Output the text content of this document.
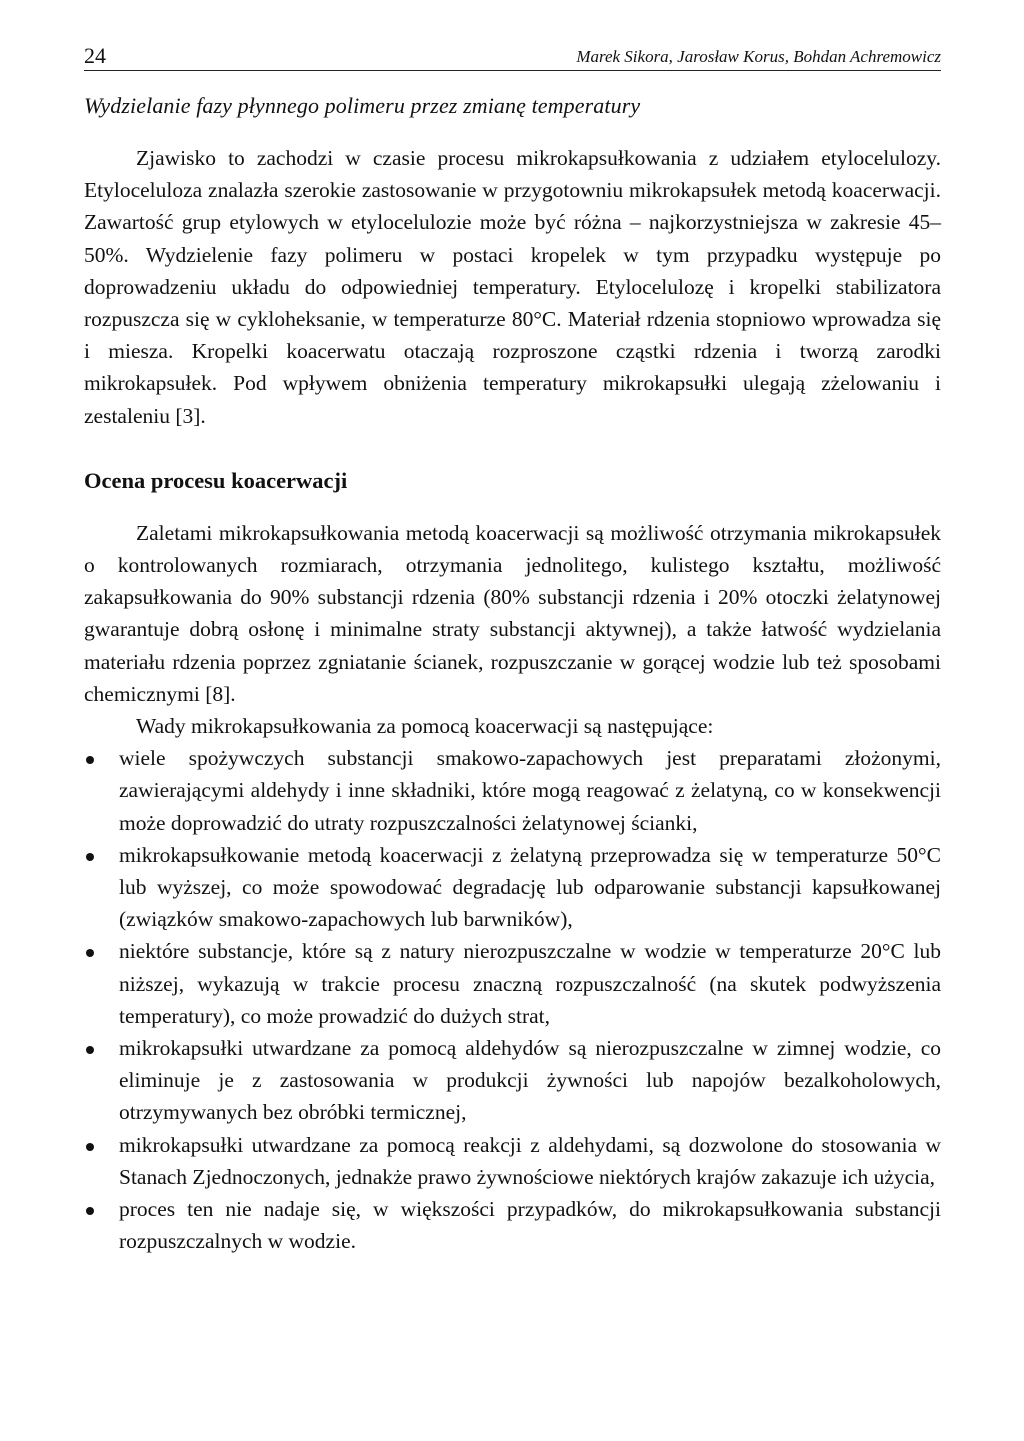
24	Marek Sikora, Jarosław Korus, Bohdan Achremowicz
Wydzielanie fazy płynnego polimeru przez zmianę temperatury

Zjawisko to zachodzi w czasie procesu mikrokapsułkowania z udziałem etylocelulozy. Etyloceluloza znalazła szerokie zastosowanie w przygotowniu mikrokapsułek metodą koacerwacji. Zawartość grup etylowych w etylocelulozie może być różna – najkorzystniejsza w zakresie 45–50%. Wydzielenie fazy polimeru w postaci kropelek w tym przypadku występuje po doprowadzeniu układu do odpowiedniej temperatury. Etylocelulozę i kropelki stabilizatora rozpuszcza się w cykloheksanie, w temperaturze 80°C. Materiał rdzenia stopniowo wprowadza się i miesza. Kropelki koacerwatu otaczają rozproszone cząstki rdzenia i tworzą zarodki mikrokapsułek. Pod wpływem obniżenia temperatury mikrokapsułki ulegają zżelowaniu i zestaleniu [3].

Ocena procesu koacerwacji

Zaletami mikrokapsułkowania metodą koacerwacji są możliwość otrzymania mikrokapsułek o kontrolowanych rozmiarach, otrzymania jednolitego, kulistego kształtu, możliwość zakapsułkowania do 90% substancji rdzenia (80% substancji rdzenia i 20% otoczki żelatynowej gwarantuje dobrą osłonę i minimalne straty substancji aktywnej), a także łatwość wydzielania materiału rdzenia poprzez zgniatanie ścianek, rozpuszczanie w gorącej wodzie lub też sposobami chemicznymi [8].

Wady mikrokapsułkowania za pomocą koacerwacji są następujące:

wiele spożywczych substancji smakowo-zapachowych jest preparatami złożonymi, zawierającymi aldehydy i inne składniki, które mogą reagować z żelatyną, co w konsekwencji może doprowadzić do utraty rozpuszczalności żelatynowej ścianki,
mikrokapsułkowanie metodą koacerwacji z żelatyną przeprowadza się w temperaturze 50°C lub wyższej, co może spowodować degradację lub odparowanie substancji kapsułkowanej (związków smakowo-zapachowych lub barwników),
niektóre substancje, które są z natury nierozpuszczalne w wodzie w temperaturze 20°C lub niższej, wykazują w trakcie procesu znaczną rozpuszczalność (na skutek podwyższenia temperatury), co może prowadzić do dużych strat,
mikrokapsułki utwardzane za pomocą aldehydów są nierozpuszczalne w zimnej wodzie, co eliminuje je z zastosowania w produkcji żywności lub napojów bezalkoholowych, otrzymywanych bez obróbki termicznej,
mikrokapsułki utwardzane za pomocą reakcji z aldehydami, są dozwolone do stosowania w Stanach Zjednoczonych, jednakże prawo żywnościowe niektórych krajów zakazuje ich użycia,
proces ten nie nadaje się, w większości przypadków, do mikrokapsułkowania substancji rozpuszczalnych w wodzie.
